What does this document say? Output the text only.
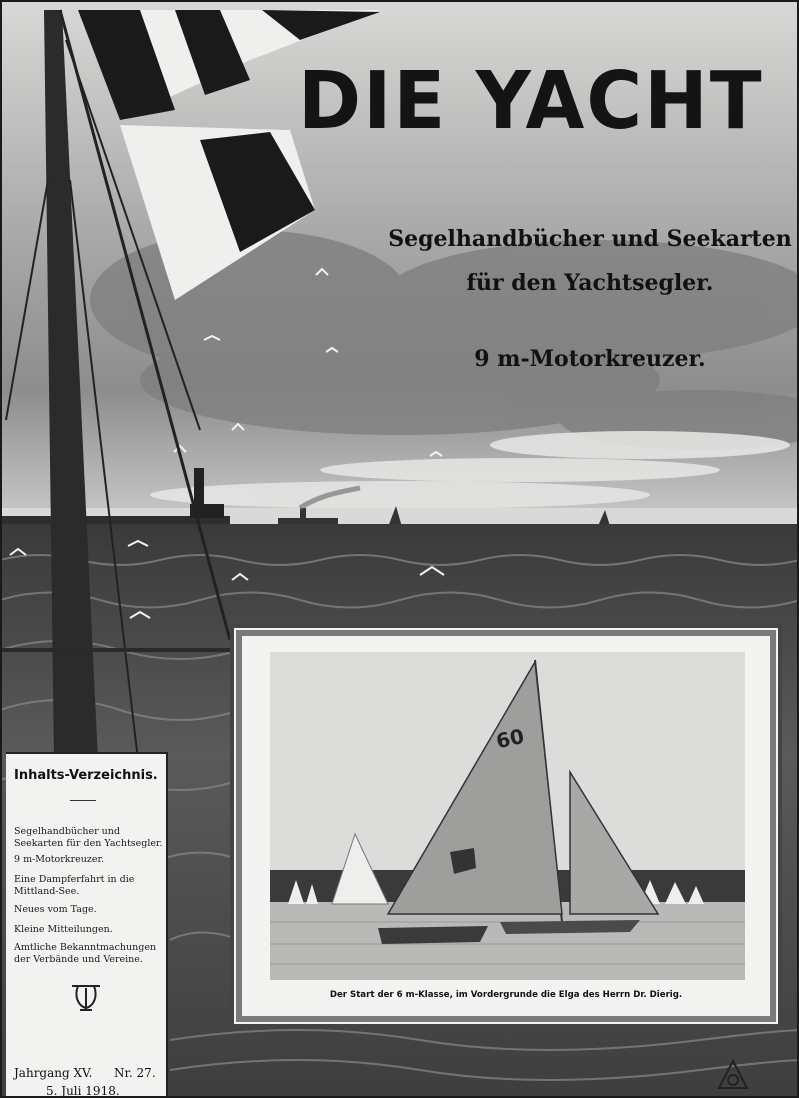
DIE YACHT
Segelhandbücher und Seekarten
für den Yachtsegler.
9 m-Motorkreuzer.
Inhalts-Verzeichnis.
Segelhandbücher und Seekarten für den Yachtsegler.
9 m-Motorkreuzer.
Eine Dampferfahrt in die Mittland-See.
Neues vom Tage.
Kleine Mitteilungen.
Amtliche Bekanntmachungen der Verbände und Vereine.
Jahrgang XV. Nr. 27.
5. Juli 1918.
60
Der Start der 6 m-Klasse, im Vordergrunde die Elga des Herrn Dr. Dierig.
